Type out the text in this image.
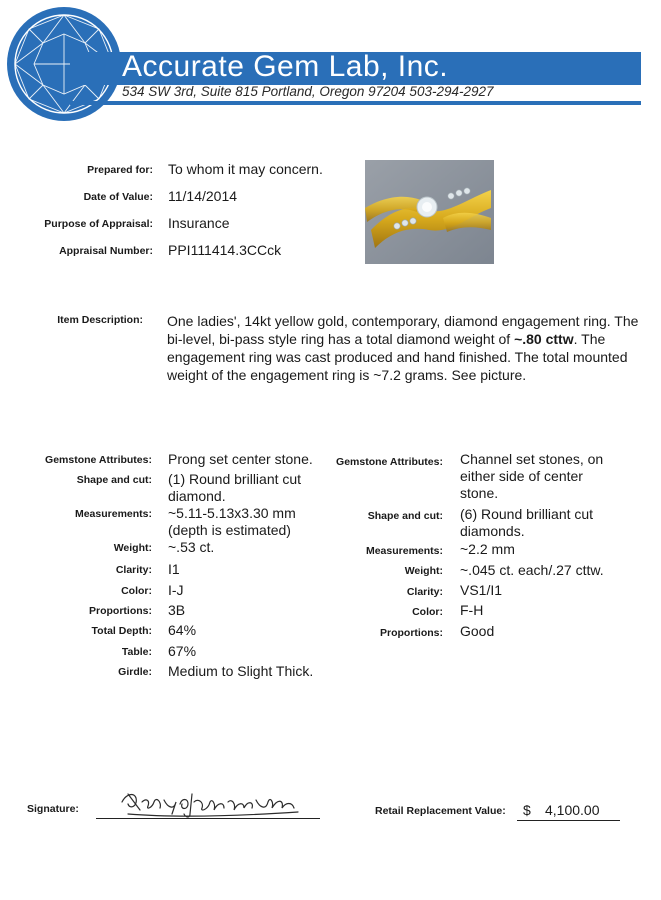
Accurate Gem Lab, Inc.
534 SW 3rd, Suite 815 Portland, Oregon 97204 503-294-2927
Prepared for: To whom it may concern.
Date of Value: 11/14/2014
Purpose of Appraisal: Insurance
Appraisal Number: PPI111414.3CCck
Item Description: One ladies', 14kt yellow gold, contemporary, diamond engagement ring. The bi-level, bi-pass style ring has a total diamond weight of ~.80 cttw. The engagement ring was cast produced and hand finished. The total mounted weight of the engagement ring is ~7.2 grams. See picture.
Gemstone Attributes: Prong set center stone.
Shape and cut: (1) Round brilliant cut
diamond.
Measurements: ~5.11-5.13x3.30 mm
(depth is estimated)
Weight: ~.53 ct.
Clarity: I1
Color: I-J
Proportions: 3B
Total Depth: 64%
Table: 67%
Girdle: Medium to Slight Thick.
Gemstone Attributes: Channel set stones, on
either side of center
stone.
Shape and cut: (6) Round brilliant cut
diamonds.
Measurements: ~2.2 mm
Weight: ~.045 ct. each/.27 cttw.
Clarity: VS1/I1
Color: F-H
Proportions: Good
Signature:	Retail Replacement Value: $ 4,100.00
